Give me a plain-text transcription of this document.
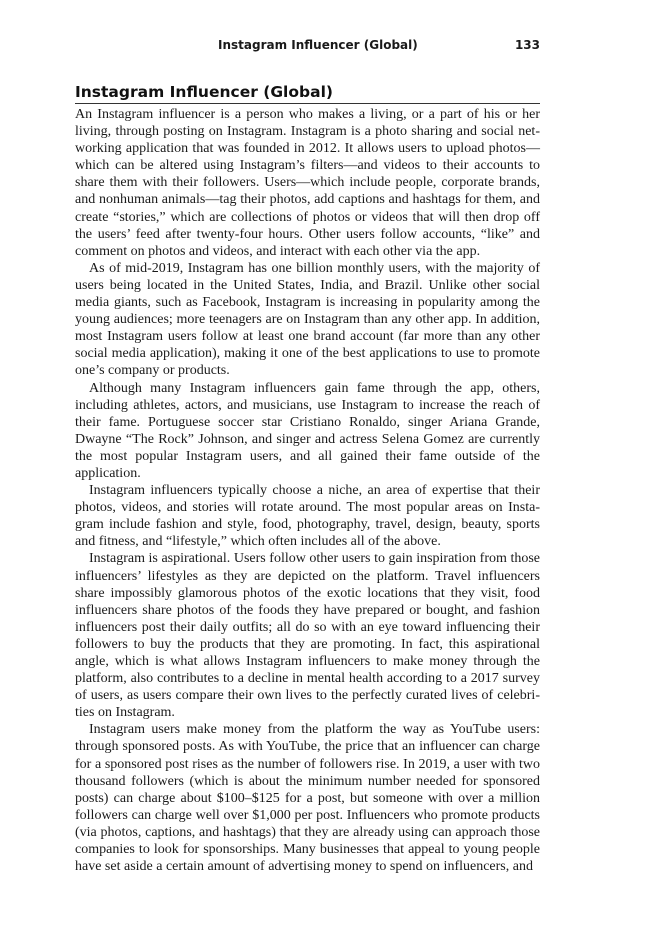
Instagram Influencer (Global)	133
Instagram Influencer (Global)

An Instagram influencer is a person who makes a living, or a part of his or her living, through posting on Instagram. Instagram is a photo sharing and social networking application that was founded in 2012. It allows users to upload photos—which can be altered using Instagram’s filters—and videos to their accounts to share them with their followers. Users—which include people, corporate brands, and nonhuman animals—tag their photos, add captions and hashtags for them, and create “stories,” which are collections of photos or videos that will then drop off the users’ feed after twenty-four hours. Other users follow accounts, “like” and comment on photos and videos, and interact with each other via the app.

As of mid-2019, Instagram has one billion monthly users, with the majority of users being located in the United States, India, and Brazil. Unlike other social media giants, such as Facebook, Instagram is increasing in popularity among the young audiences; more teenagers are on Instagram than any other app. In addition, most Instagram users follow at least one brand account (far more than any other social media application), making it one of the best applications to use to promote one’s company or products.

Although many Instagram influencers gain fame through the app, others, including athletes, actors, and musicians, use Instagram to increase the reach of their fame. Portuguese soccer star Cristiano Ronaldo, singer Ariana Grande, Dwayne “The Rock” Johnson, and singer and actress Selena Gomez are currently the most popular Instagram users, and all gained their fame outside of the application.

Instagram influencers typically choose a niche, an area of expertise that their photos, videos, and stories will rotate around. The most popular areas on Instagram include fashion and style, food, photography, travel, design, beauty, sports and fitness, and “lifestyle,” which often includes all of the above.

Instagram is aspirational. Users follow other users to gain inspiration from those influencers’ lifestyles as they are depicted on the platform. Travel influencers share impossibly glamorous photos of the exotic locations that they visit, food influencers share photos of the foods they have prepared or bought, and fashion influencers post their daily outfits; all do so with an eye toward influencing their followers to buy the products that they are promoting. In fact, this aspirational angle, which is what allows Instagram influencers to make money through the platform, also contributes to a decline in mental health according to a 2017 survey of users, as users compare their own lives to the perfectly curated lives of celebrities on Instagram.

Instagram users make money from the platform the way as YouTube users: through sponsored posts. As with YouTube, the price that an influencer can charge for a sponsored post rises as the number of followers rise. In 2019, a user with two thousand followers (which is about the minimum number needed for sponsored posts) can charge about $100–$125 for a post, but someone with over a million followers can charge well over $1,000 per post. Influencers who promote products (via photos, captions, and hashtags) that they are already using can approach those companies to look for sponsorships. Many businesses that appeal to young people have set aside a certain amount of advertising money to spend on influencers, and
